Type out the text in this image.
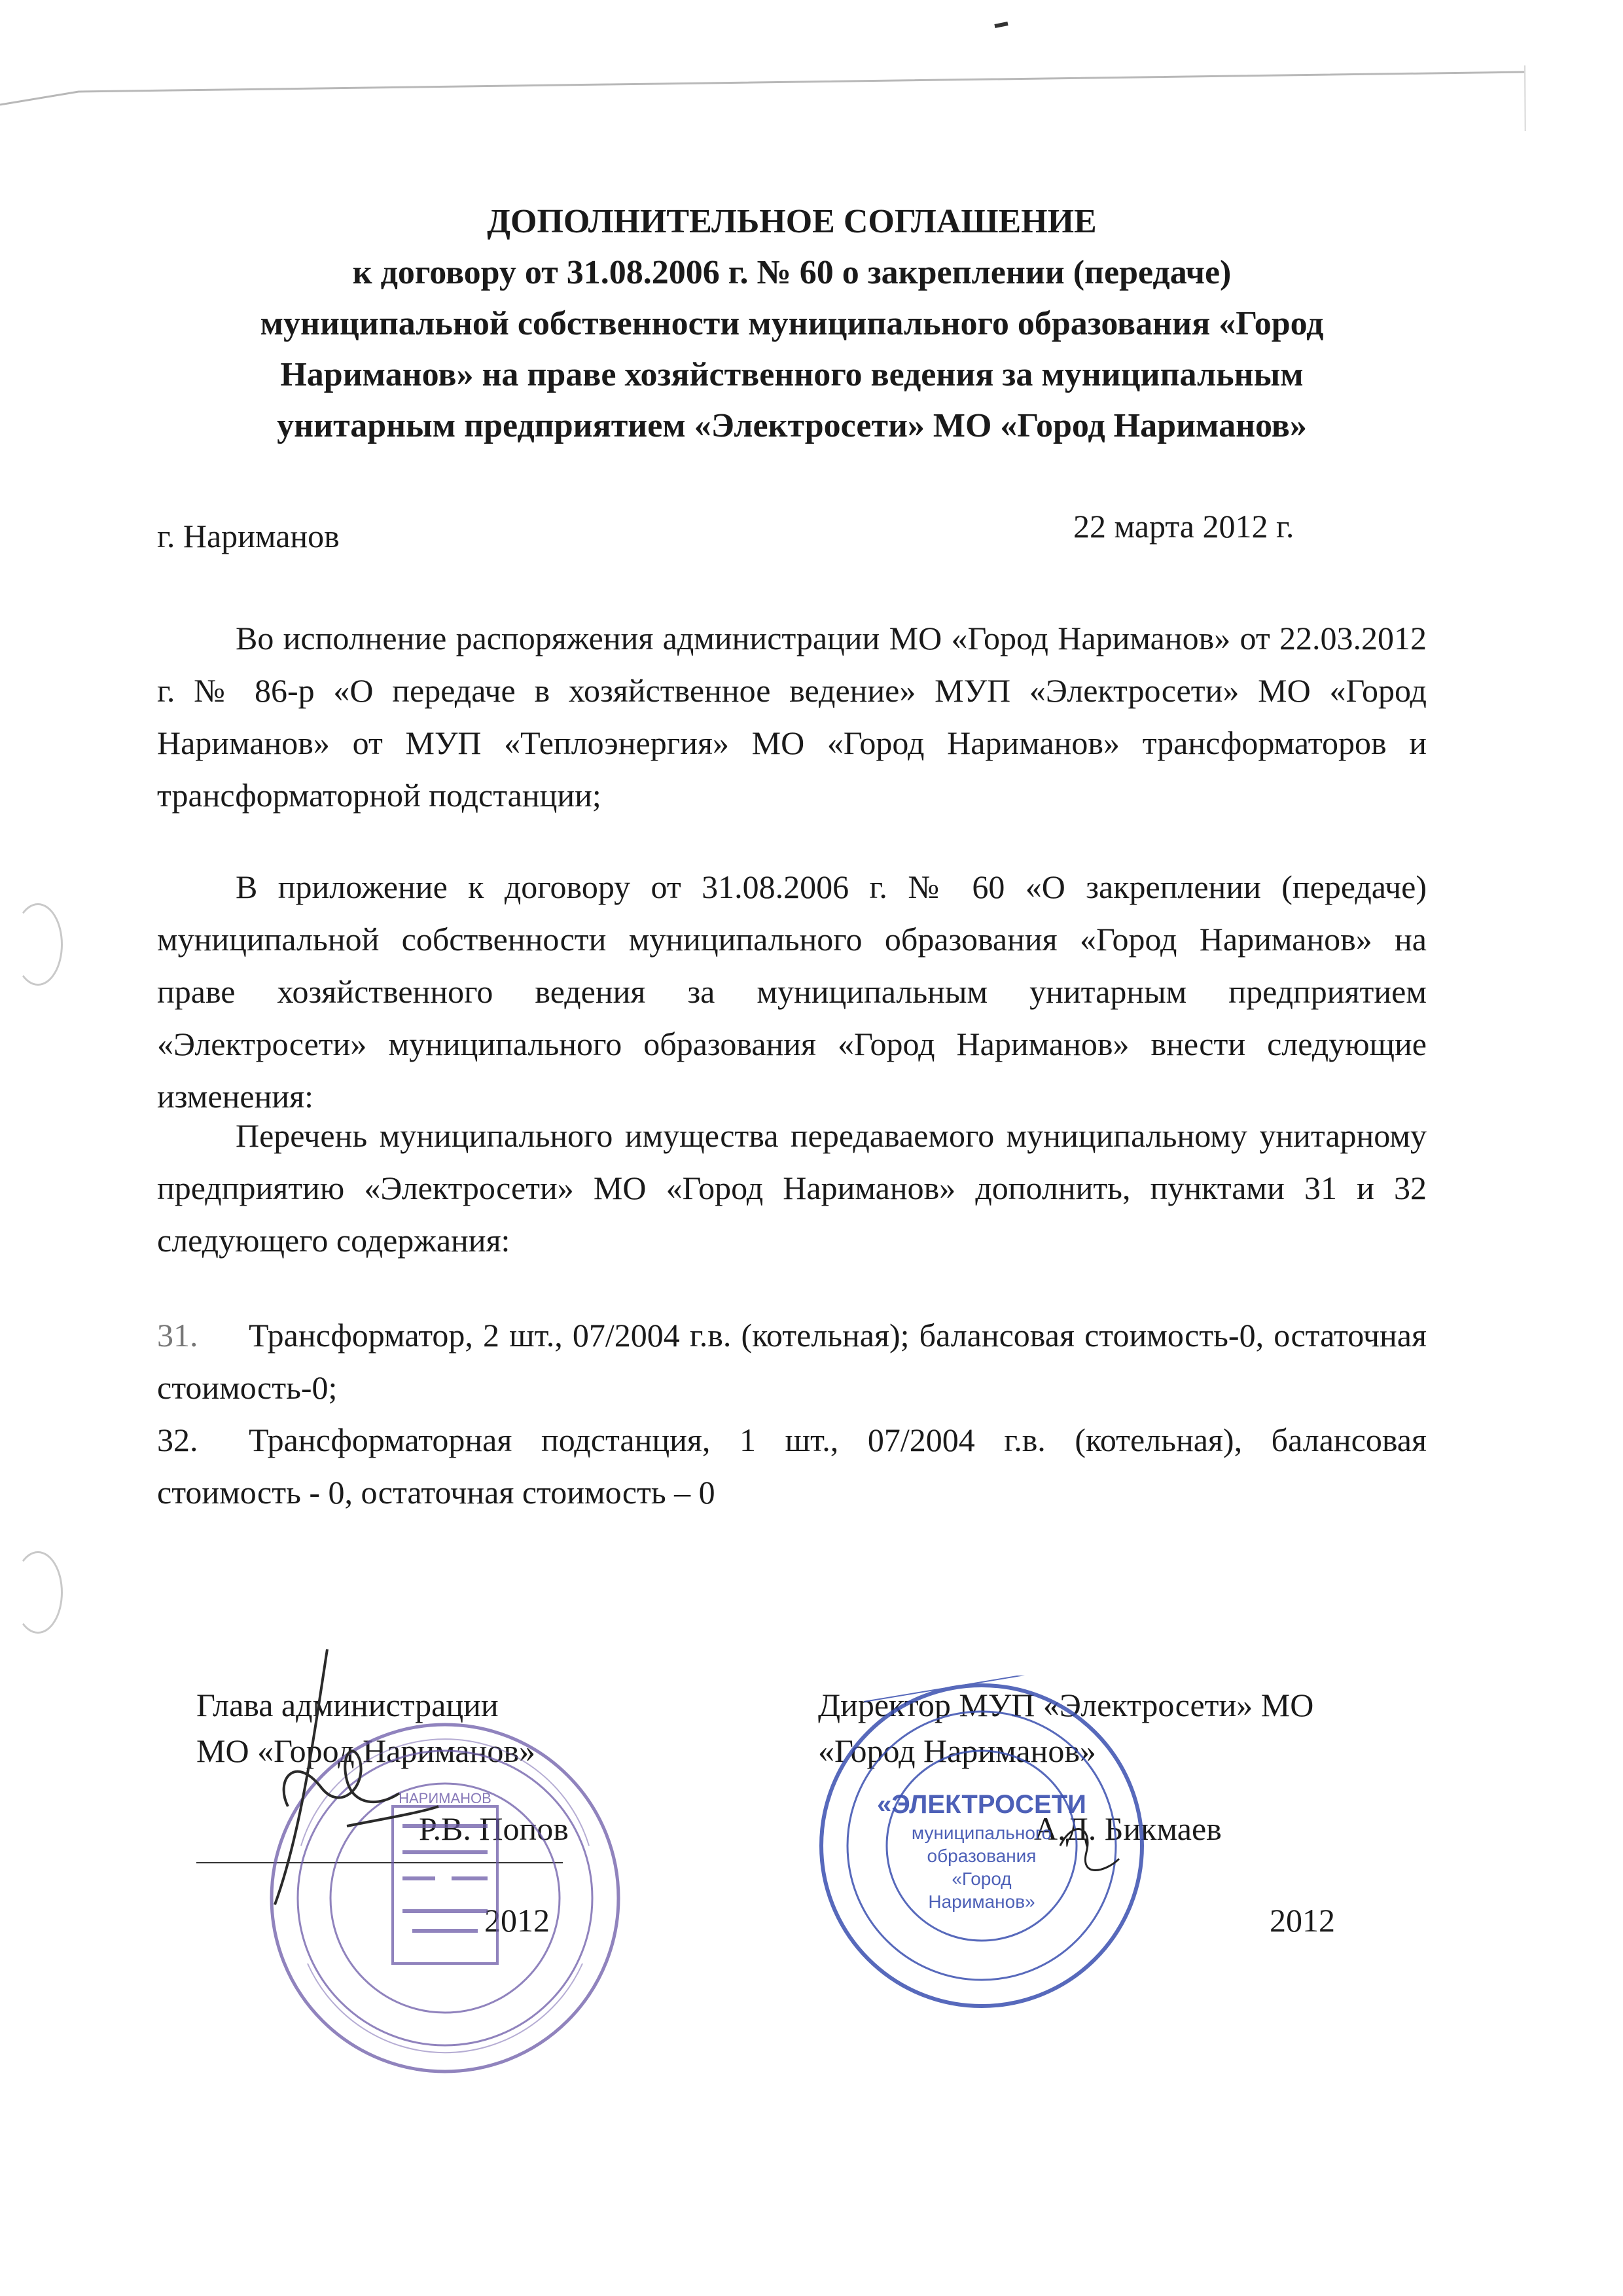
ДОПОЛНИТЕЛЬНОЕ СОГЛАШЕНИЕ
к договору от 31.08.2006 г. № 60 о закреплении (передаче)
муниципальной собственности муниципального образования «Город
Нариманов» на праве хозяйственного ведения за муниципальным
унитарным предприятием «Электросети» МО «Город Нариманов»
г. Нариманов	22 марта 2012 г.
Во исполнение распоряжения администрации МО «Город Нариманов» от 22.03.2012 г. № 86-р «О передаче в хозяйственное ведение» МУП «Электросети» МО «Город Нариманов» от МУП «Теплоэнергия» МО «Город Нариманов» трансформаторов и трансформаторной подстанции;
В приложение к договору от 31.08.2006 г. № 60 «О закреплении (передаче) муниципальной собственности муниципального образования «Город Нариманов» на праве хозяйственного ведения за муниципальным унитарным предприятием «Электросети» муниципального образования «Город Нариманов» внести следующие изменения:
Перечень муниципального имущества передаваемого муниципальному унитарному предприятию «Электросети» МО «Город Нариманов» дополнить, пунктами 31 и 32 следующего содержания:
31. Трансформатор, 2 шт., 07/2004 г.в. (котельная); балансовая стоимость-0, остаточная стоимость-0;
32. Трансформаторная подстанция, 1 шт., 07/2004 г.в. (котельная), балансовая стоимость - 0, остаточная стоимость – 0
Глава администрации
МО «Город Нариманов»
Директор МУП «Электросети» МО
«Город Нариманов»
Р.В. Попов	А.Д. Бикмаев
2012	2012
НАРИМАНОВ	«ЭЛЕКТРОСЕТИ
муниципального
образования
«Город
Нариманов»
